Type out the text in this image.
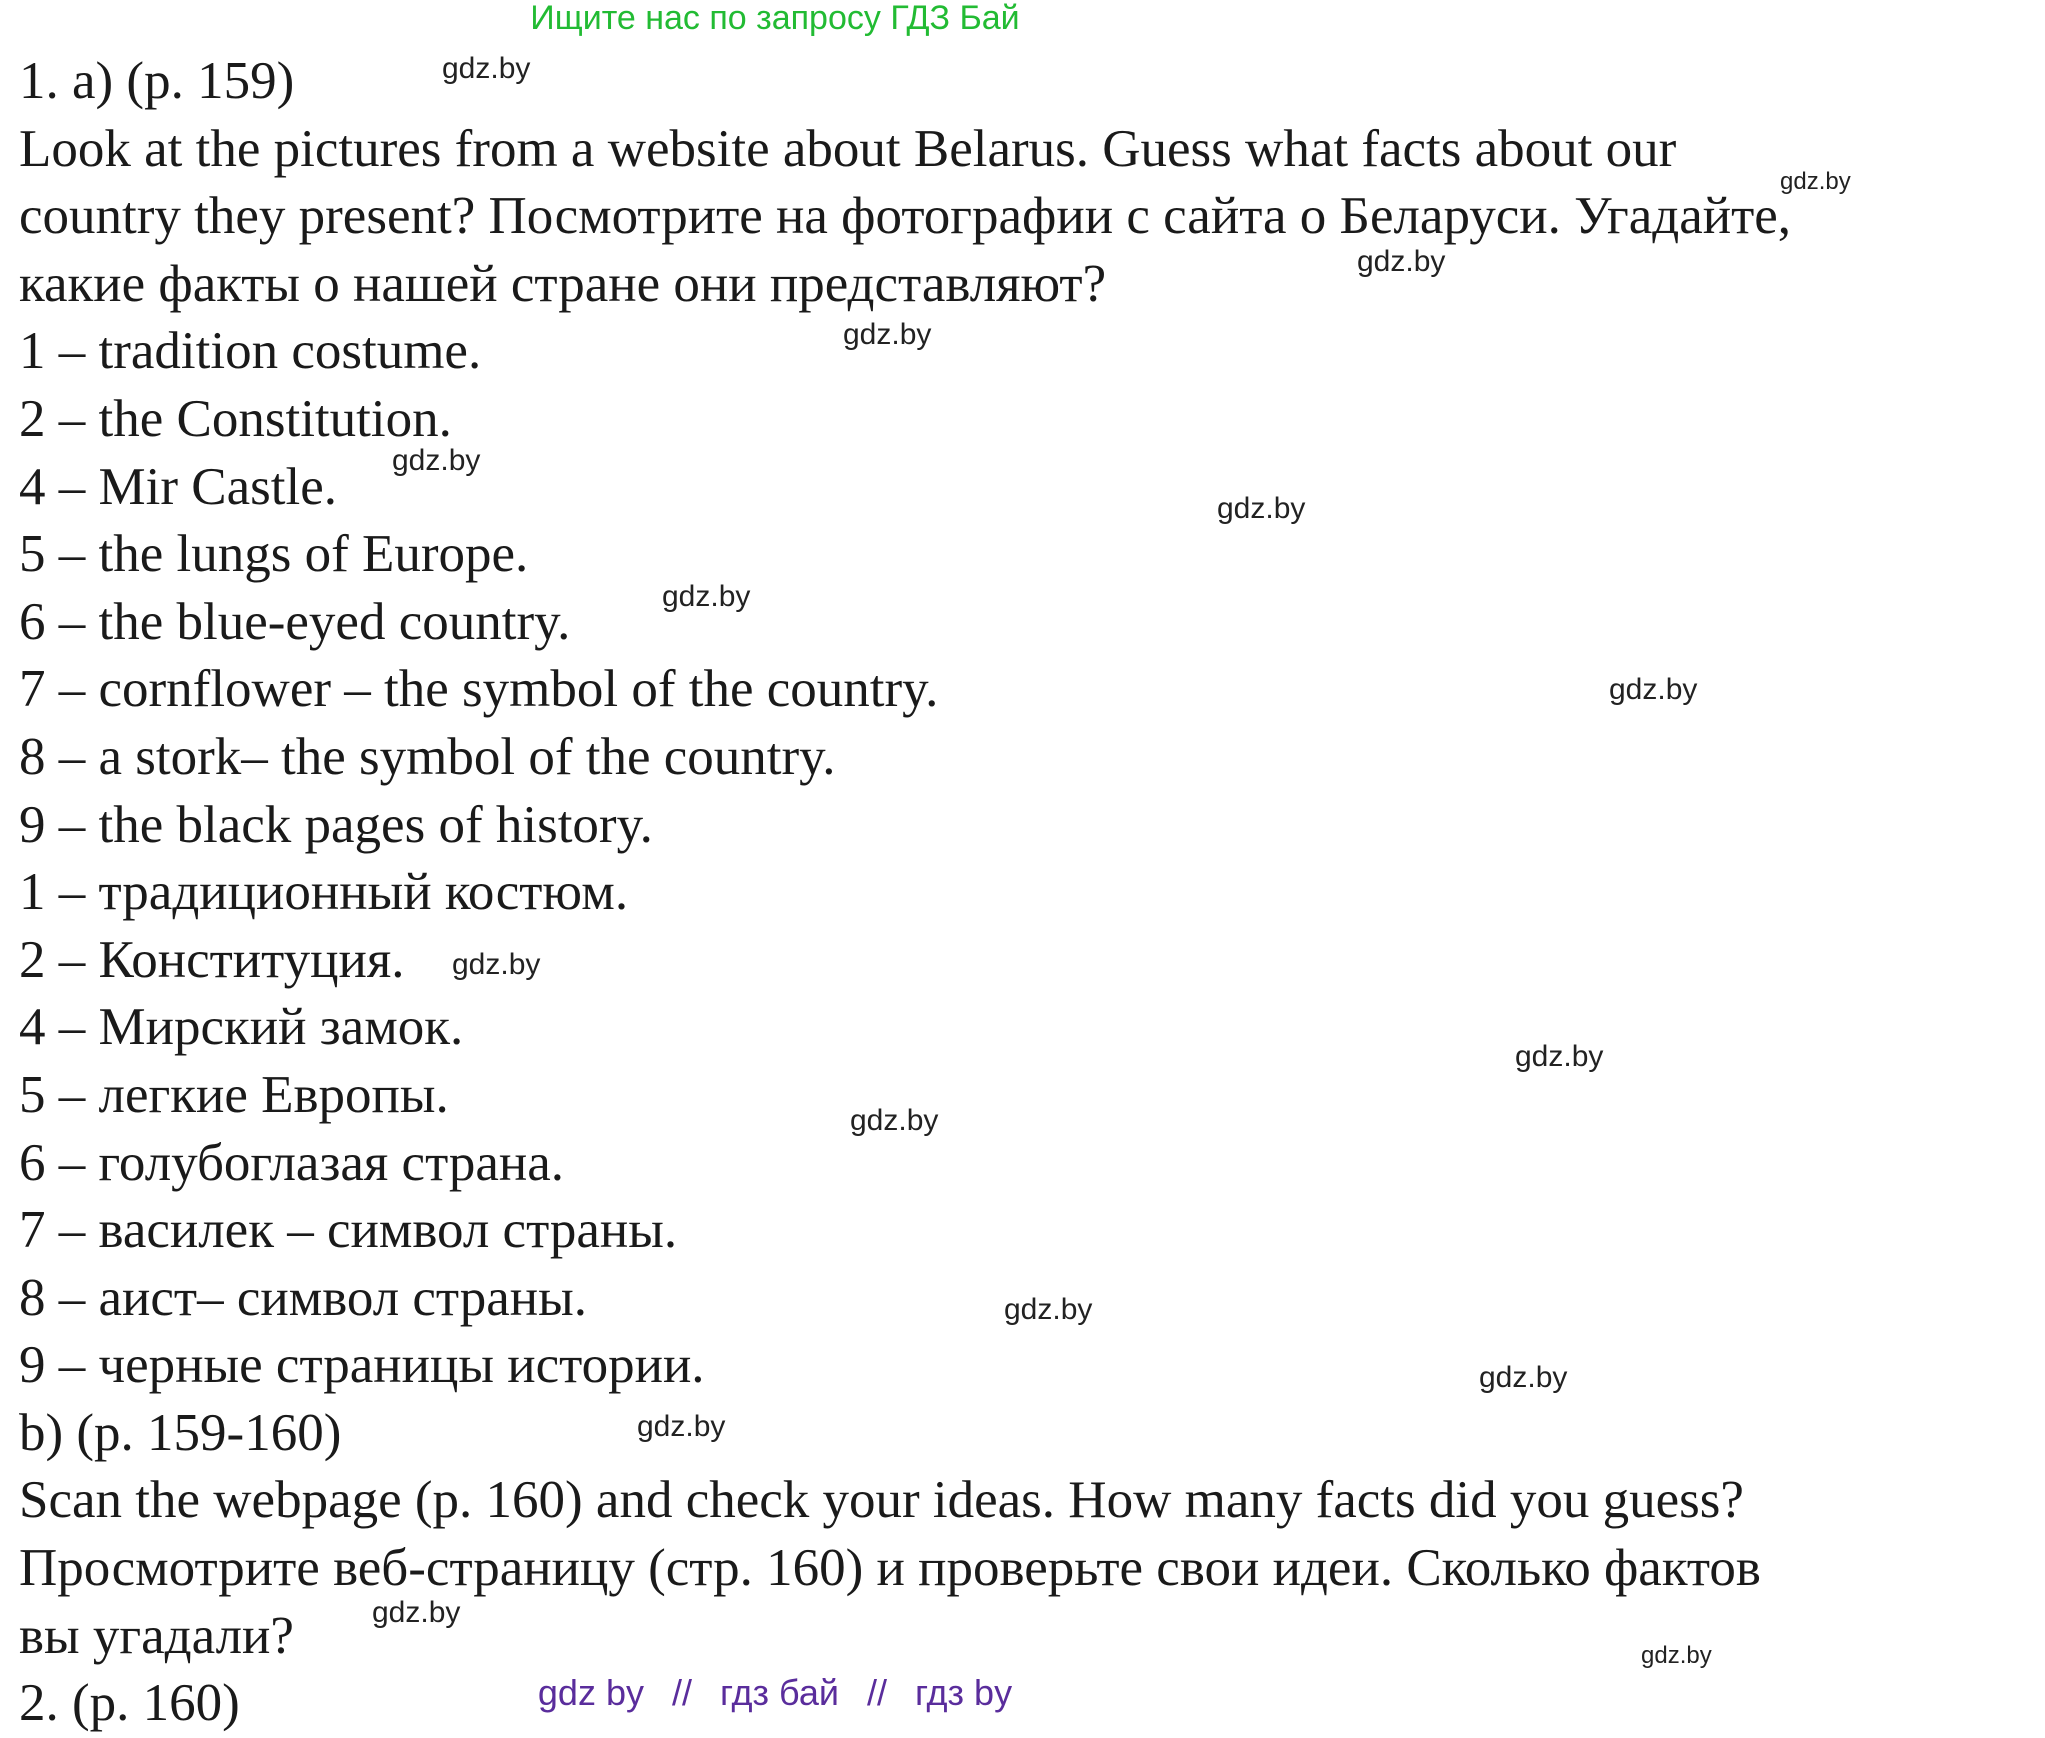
Ищите нас по запросу ГДЗ Бай
1. a) (p. 159)
Look at the pictures from a website about Belarus. Guess what facts about our
country they present? Посмотрите на фотографии с сайта о Беларуси. Угадайте,
какие факты о нашей стране они представляют?
1 – tradition costume.
2 – the Constitution.
4 – Mir Castle.
5 – the lungs of Europe.
6 – the blue-eyed country.
7 – cornflower – the symbol of the country.
8 – a stork– the symbol of the country.
9 – the black pages of history.
1 – традиционный костюм.
2 – Конституция.
4 – Мирский замок.
5 – легкие Европы.
6 – голубоглазая страна.
7 – василек – символ страны.
8 – аист– символ страны.
9 – черные страницы истории.
b) (p. 159-160)
Scan the webpage (p. 160) and check your ideas. How many facts did you guess?
Просмотрите веб-страницу (стр. 160) и проверьте свои идеи. Сколько фактов
вы угадали?
2. (p. 160)
gdz.by
gdz.by
gdz.by
gdz.by
gdz.by
gdz.by
gdz.by
gdz.by
gdz.by
gdz.by
gdz.by
gdz.by
gdz.by
gdz.by
gdz.by
gdz.by
gdz by // гдз бай // гдз by
